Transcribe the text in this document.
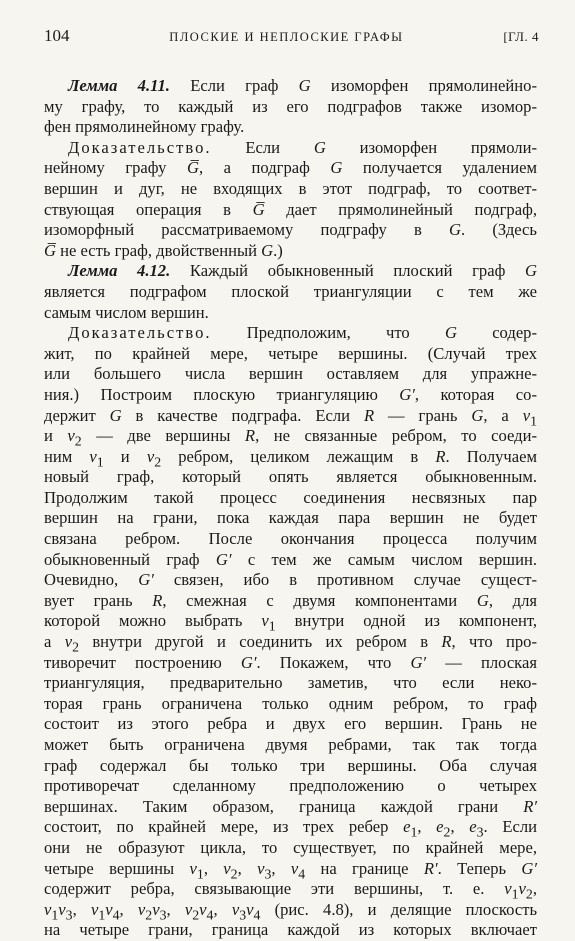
104	ПЛОСКИЕ И НЕПЛОСКИЕ ГРАФЫ	[ГЛ. 4
Лемма 4.11. Если граф G изоморфен прямолинейно-
му графу, то каждый из его подграфов также изомор-
фен прямолинейному графу.
Доказательство. Если G изоморфен прямоли-
нейному графу G̅, а подграф G получается удалением
вершин и дуг, не входящих в этот подграф, то соответ-
ствующая операция в G̅ дает прямолинейный подграф,
изоморфный рассматриваемому подграфу в G. (Здесь
G̅ не есть граф, двойственный G.)
Лемма 4.12. Каждый обыкновенный плоский граф G
является подграфом плоской триангуляции с тем же
самым числом вершин.
Доказательство. Предположим, что G содер-
жит, по крайней мере, четыре вершины. (Случай трех
или большего числа вершин оставляем для упражне-
ния.) Построим плоскую триангуляцию G′, которая со-
держит G в качестве подграфа. Если R — грань G, а $v_1$
и $v_2$ — две вершины R, не связанные ребром, то соеди-
ним $v_1$ и $v_2$ ребром, целиком лежащим в R. Получаем
новый граф, который опять является обыкновенным.
Продолжим такой процесс соединения несвязных пар
вершин на грани, пока каждая пара вершин не будет
связана ребром. После окончания процесса получим
обыкновенный граф G′ с тем же самым числом вершин.
Очевидно, G′ связен, ибо в противном случае сущест-
вует грань R, смежная с двумя компонентами G, для
которой можно выбрать $v_1$ внутри одной из компонент,
а $v_2$ внутри другой и соединить их ребром в R, что про-
тиворечит построению G′. Покажем, что G′ — плоская
триангуляция, предварительно заметив, что если неко-
торая грань ограничена только одним ребром, то граф
состоит из этого ребра и двух его вершин. Грань не
может быть ограничена двумя ребрами, так так тогда
граф содержал бы только три вершины. Оба случая
противоречат сделанному предположению о четырех
вершинах. Таким образом, граница каждой грани R′
состоит, по крайней мере, из трех ребер $e_1$, $e_2$, $e_3$. Если
они не образуют цикла, то существует, по крайней мере,
четыре вершины $v_1$, $v_2$, $v_3$, $v_4$ на границе R′. Теперь G′
содержит ребра, связывающие эти вершины, т. е. $v_1v_2$,
$v_1v_3$, $v_1v_4$, $v_2v_3$, $v_2v_4$, $v_3v_4$ (рис. 4.8), и делящие плоскость
на четыре грани, граница каждой из которых включает
